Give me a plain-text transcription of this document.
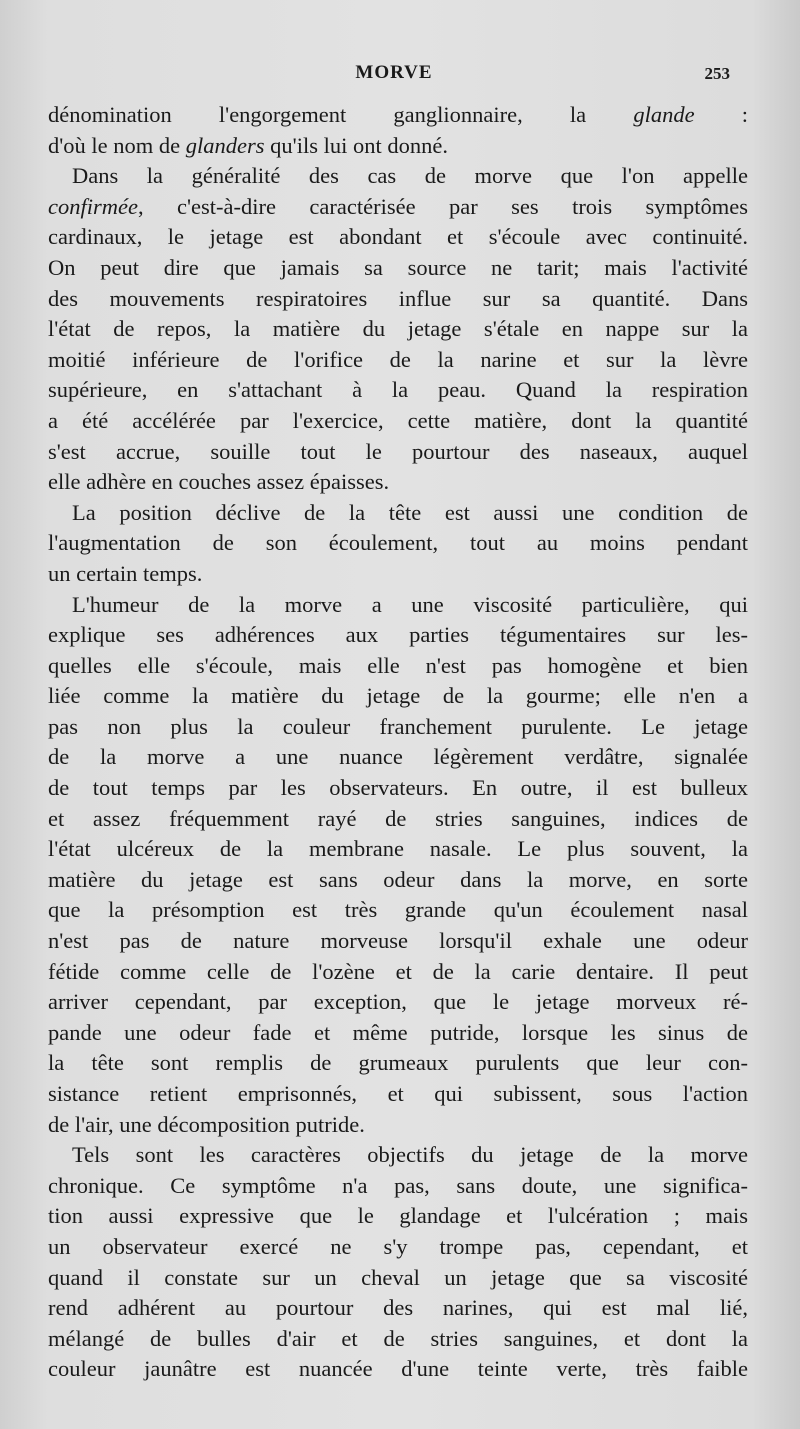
MORVE	253
dénomination l'engorgement ganglionnaire, la glande :
d'où le nom de glanders qu'ils lui ont donné.
Dans la généralité des cas de morve que l'on appelle
confirmée, c'est-à-dire caractérisée par ses trois symptômes
cardinaux, le jetage est abondant et s'écoule avec continuité.
On peut dire que jamais sa source ne tarit; mais l'activité
des mouvements respiratoires influe sur sa quantité. Dans
l'état de repos, la matière du jetage s'étale en nappe sur la
moitié inférieure de l'orifice de la narine et sur la lèvre
supérieure, en s'attachant à la peau. Quand la respiration
a été accélérée par l'exercice, cette matière, dont la quantité
s'est accrue, souille tout le pourtour des naseaux, auquel
elle adhère en couches assez épaisses.
La position déclive de la tête est aussi une condition de
l'augmentation de son écoulement, tout au moins pendant
un certain temps.
L'humeur de la morve a une viscosité particulière, qui
explique ses adhérences aux parties tégumentaires sur les-
quelles elle s'écoule, mais elle n'est pas homogène et bien
liée comme la matière du jetage de la gourme; elle n'en a
pas non plus la couleur franchement purulente. Le jetage
de la morve a une nuance légèrement verdâtre, signalée
de tout temps par les observateurs. En outre, il est bulleux
et assez fréquemment rayé de stries sanguines, indices de
l'état ulcéreux de la membrane nasale. Le plus souvent, la
matière du jetage est sans odeur dans la morve, en sorte
que la présomption est très grande qu'un écoulement nasal
n'est pas de nature morveuse lorsqu'il exhale une odeur
fétide comme celle de l'ozène et de la carie dentaire. Il peut
arriver cependant, par exception, que le jetage morveux ré-
pande une odeur fade et même putride, lorsque les sinus de
la tête sont remplis de grumeaux purulents que leur con-
sistance retient emprisonnés, et qui subissent, sous l'action
de l'air, une décomposition putride.
Tels sont les caractères objectifs du jetage de la morve
chronique. Ce symptôme n'a pas, sans doute, une significa-
tion aussi expressive que le glandage et l'ulcération ; mais
un observateur exercé ne s'y trompe pas, cependant, et
quand il constate sur un cheval un jetage que sa viscosité
rend adhérent au pourtour des narines, qui est mal lié,
mélangé de bulles d'air et de stries sanguines, et dont la
couleur jaunâtre est nuancée d'une teinte verte, très faible
